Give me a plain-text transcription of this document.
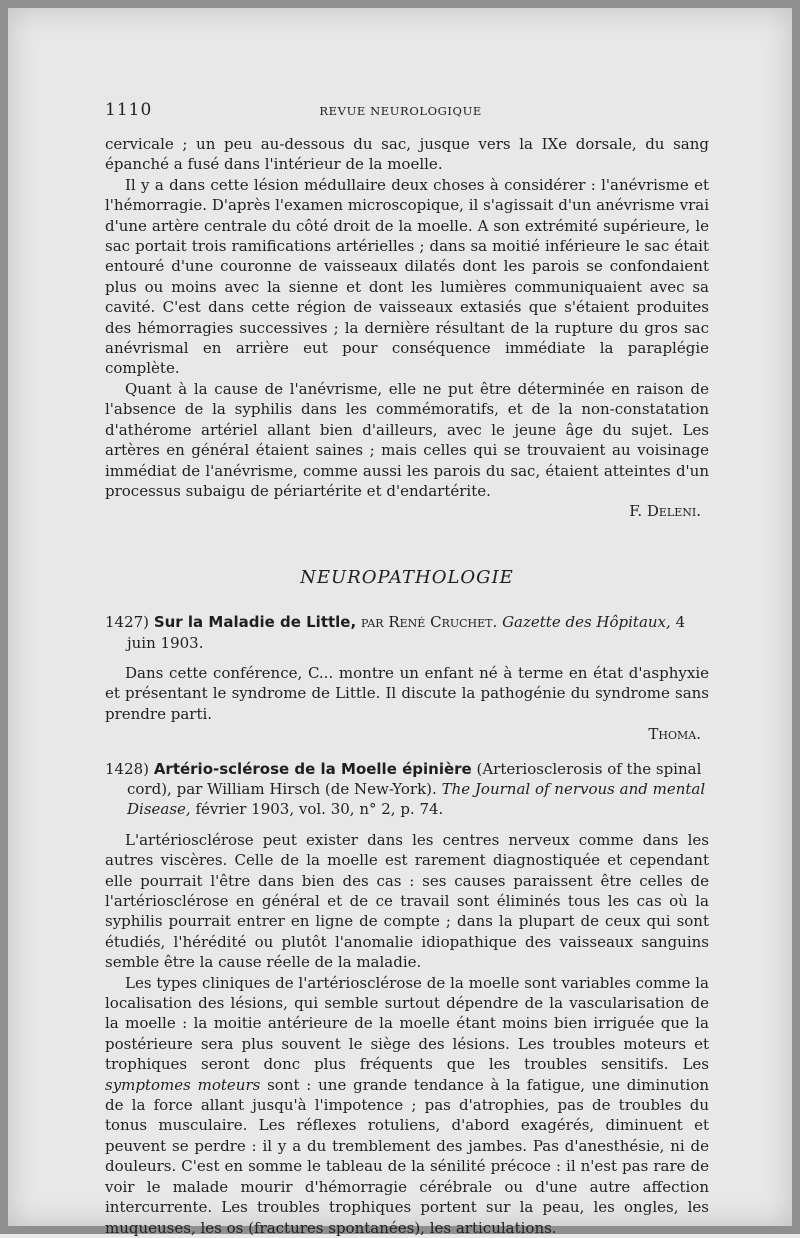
1110	REVUE NEUROLOGIQUE

cervicale ; un peu au-dessous du sac, jusque vers la IXe dorsale, du sang épanché a fusé dans l'intérieur de la moelle.

Il y a dans cette lésion médullaire deux choses à considérer : l'anévrisme et l'hémorragie. D'après l'examen microscopique, il s'agissait d'un anévrisme vrai d'une artère centrale du côté droit de la moelle. A son extrémité supérieure, le sac portait trois ramifications artérielles ; dans sa moitié inférieure le sac était entouré d'une couronne de vaisseaux dilatés dont les parois se confondaient plus ou moins avec la sienne et dont les lumières communiquaient avec sa cavité. C'est dans cette région de vaisseaux extasiés que s'étaient produites des hémorragies successives ; la dernière résultant de la rupture du gros sac anévrismal en arrière eut pour conséquence immédiate la paraplégie complète.

Quant à la cause de l'anévrisme, elle ne put être déterminée en raison de l'absence de la syphilis dans les commémoratifs, et de la non-constatation d'athérome artériel allant bien d'ailleurs, avec le jeune âge du sujet. Les artères en général étaient saines ; mais celles qui se trouvaient au voisinage immédiat de l'anévrisme, comme aussi les parois du sac, étaient atteintes d'un processus subaigu de périartérite et d'endartérite.

F. Deleni.
NEUROPATHOLOGIE

1427) Sur la Maladie de Little, par René Cruchet. Gazette des Hôpitaux, 4 juin 1903.

Dans cette conférence, C... montre un enfant né à terme en état d'asphyxie et présentant le syndrome de Little. Il discute la pathogénie du syndrome sans prendre parti.

Thoma.

1428) Artério-sclérose de la Moelle épinière (Arteriosclerosis of the spinal cord), par William Hirsch (de New-York). The Journal of nervous and mental Disease, février 1903, vol. 30, n° 2, p. 74.

L'artériosclérose peut exister dans les centres nerveux comme dans les autres viscères. Celle de la moelle est rarement diagnostiquée et cependant elle pourrait l'être dans bien des cas : ses causes paraissent être celles de l'artériosclérose en général et de ce travail sont éliminés tous les cas où la syphilis pourrait entrer en ligne de compte ; dans la plupart de ceux qui sont étudiés, l'hérédité ou plutôt l'anomalie idiopathique des vaisseaux sanguins semble être la cause réelle de la maladie.

Les types cliniques de l'artériosclérose de la moelle sont variables comme la localisation des lésions, qui semble surtout dépendre de la vascularisation de la moelle : la moitie antérieure de la moelle étant moins bien irriguée que la postérieure sera plus souvent le siège des lésions. Les troubles moteurs et trophiques seront donc plus fréquents que les troubles sensitifs. Les symptomes moteurs sont : une grande tendance à la fatigue, une diminution de la force allant jusqu'à l'impotence ; pas d'atrophies, pas de troubles du tonus musculaire. Les réflexes rotuliens, d'abord exagérés, diminuent et peuvent se perdre : il y a du tremblement des jambes. Pas d'anesthésie, ni de douleurs. C'est en somme le tableau de la sénilité précoce : il n'est pas rare de voir le malade mourir d'hémorragie cérébrale ou d'une autre affection intercurrente. Les troubles trophiques portent sur la peau, les ongles, les muqueuses, les os (fractures spontanées), les articulations.
